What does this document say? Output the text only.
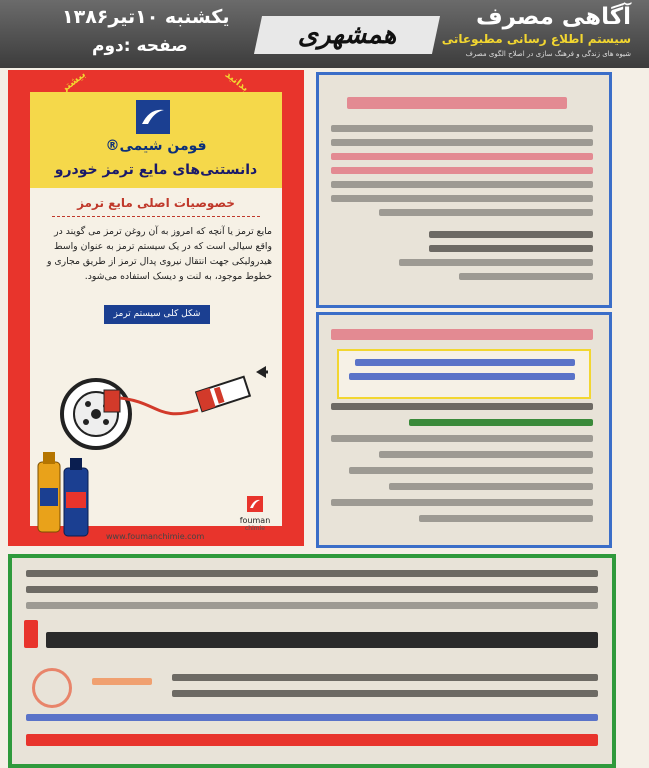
یکشنبه ۱۰تیر۱۳۸۶
صفحه :دوم	همشهری
آگاهی مصرف
سیستم اطلاع رسانی مطبوعاتی
شیوه های زندگی و فرهنگ سازی در اصلاح الگوی مصرف
فومن شیمی®
دانستنی‌های مایع ترمز خودرو
خصوصیات اصلی مایع ترمز
مایع ترمز یا آنچه که امروز به آن روغن ترمز می گویند در واقع سیالی است که در یک سیستم ترمز به عنوان واسط هیدرولیکی جهت انتقال نیروی پدال ترمز از طریق مجاری و خطوط موجود، به لنت و دیسک استفاده می‌شود.
شکل کلی سیستم ترمز
fouman
chimie
www.foumanchimie.com
